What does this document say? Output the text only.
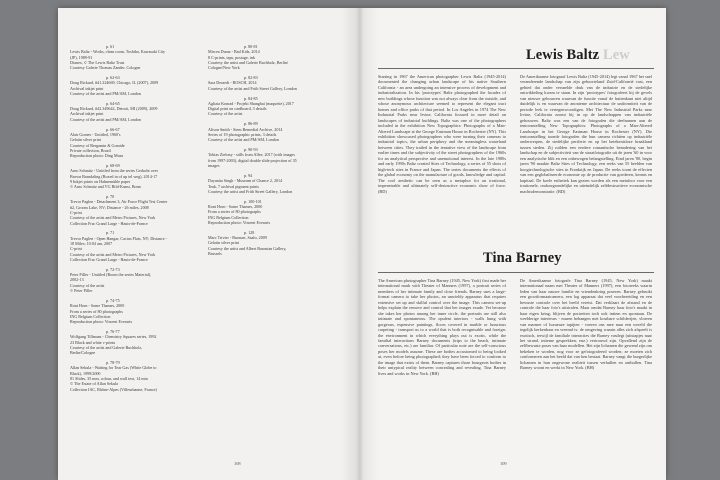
p. 61
Lewis Baltz - Works, clean room, Toshiba, Kawasaki City
(JP), 1989-91
Dianex, © The Lewis Baltz Trust
Courtesy Galerie Thomas Zander, Cologne
p. 62-63
Doug Rickard, #41.224669, Chicago, IL (2007), 2009
Archival inkjet print
Courtesy of the artist and PM/AM, London
p. 64-65
Doug Rickard, #42.349642, Detroit, MI (2009), 2009
Archival inkjet print
Courtesy of the artist and PM/AM, London
p. 66-67
Alair Gomes - Untitled, 1960's
Gelatin silver print
Courtesy of Bergamin & Gomide
Private collection, Brazil
Reproduction photo: Ding Musa
p. 68-69
Arno Schmitz - Untitled from the series Gedacht over
Brown Brandaling (Boxed in of up tel weg), 2014-17
9 Inkjet prints on Hahnemühle paper
© Arno Schmitz and VG Bild-Kunst, Bonn
p. 70
Trevor Paglen - Detachment 3, Air Force Flight Test Center
#2, Groom Lake, NV; Distance - 26 miles, 2008
C-print
Courtesy of the artist and Metro Pictures, New York
Collection Frac Grand Large - Hauts-de-France
p. 71
Trevor Paglen - Open Hangar, Cactus Flats, NV; Distance -
18 Miles; 10:04 am, 2007
C-print
Courtesy of the artist and Metro Pictures, New York
Collection Frac Grand Large - Hauts-de-France
p. 72-73
Peter Piller - Untitled (Room the series Material),
2002-13
Courtesy of the artist
© Peter Piller
p. 74-75
Roni Horn - Some Thames, 2000
From a series of 80 photographs
ING Belgium Collection
Reproduction photo: Vincent Everarts
p. 76-77
Wolfgang Tillmans - Chemistry Squares series, 1992
23 Black and white c-prints
Courtesy of the artist and Galerie Buchholz,
Berlin/Cologne
p. 78-79
Allan Sekula - Waiting for Tear Gas (White Globe to
Black), 1999/2000
81 Slides, 35 mm, colour, and wall text, 14 min
© The Estate of Allan Sekula
Collection IAC, Rhône-Alpes (Villeurbanne, France)
p. 80-81
Mircea Duraz - Bad Kids, 2014
8 C-prints, taps, postage, ink
Courtesy the artist and Galerie Buchholz, Berlin/
Cologne/New York
p. 82-83
Sara Deraedt - ROSCH, 2014
Courtesy of the artist and Frith Street Gallery, London
p. 84-85
Agliata Konrad - Projekt Shanghai (maquette), 2017
Digital print on cardboard, 3 details
Courtesy of the artist
p. 86-89
Alison Smith - Siem Remedial Archive, 2014
Series of 19 photographic prints, 3 details
Courtesy of the artist and PM/AM, London
p. 90-93
Tobias Zielony - stills from Allee, 2017 (with images
from 1997-2003), digital double slide projection of 35
images
p. 94
Dayanita Singh - Museum of Chance 2, 2014
Teak, 7 archival pigment prints
Courtesy the artist and Frith Street Gallery, London
p. 100-101
Roni Horn - Some Thames, 2000
From a series of 80 photographs
ING Belgium Collection
Reproduction photo: Vincent Everarts
p. 128
Marc Trivier - Buonarr, Saalo, 2009
Gelatin silver print
Courtesy the artist and Albert Baronian Gallery,
Brussels
108
Lewis Baltz Lew
Starting in 1967 the American photographer Lewis Baltz (1945-2014) documented the changing urban landscape of his native Southern California - an area undergoing an intensive process of development and industrialization. In his 'prototypes' Baltz photographed the facades of new buildings whose function was not always clear from the outside, and whose anonymous architecture seemed to represent the elegant tract homes and office parks of that period. In Los Angeles in 1974 The New Industrial Parks near Irvine, California focused in more detail on landscapes of industrial buildings. Baltz was one of the photographers included in the exhibition New Topographics: Photographs of a Man-Altered Landscape at the George Eastman House in Rochester (NY). This exhibition showcased photographers who were turning their cameras to industrial topics, the urban periphery and the meaningless wasteland between cities. They trailed in the tentative view of the landscape from earlier times and the subjectivity of the street photographers of the 1960s for an analytical perspective and unemotional interest. In the late 1980s and early 1990s Baltz created Sites of Technology, a series of 55 shots of high-tech sites in France and Japan. The series documents the effects of the global economy on the manufacture of goods, knowledge and capital. The cool aesthetic can be seen as a metaphor for an irrational, impenetrable and ultimately self-destructive economic show of force. (BD)
De Amerikaanse fotograaf Lewis Baltz (1945-2014) legt vanaf 1967 het snel veranderende landschap van zijn geboorteland Zuid-Californië vast, een gebied dat onder versnelde druk van de industrie en de stedelijke ontwikkeling kwam te staan. In zijn 'prototypes' fotografeert hij de gevels van nieuwe gebouwen waarvan de functie vanaf de buitenkant niet altijd duidelijk is en waarvan de anonieme architectuur de uniformiteit van de periode leek te vertegenwoordigen. Met The New Industrial Parks near Irvine, California zoomt hij in op de landschappen van industriële gebouwen. Baltz was een van de fotografen die deelnamen aan de tentoonstelling New Topographics: Photographs of a Man-Altered Landscape in het George Eastman House in Rochester (NY). Die tentoonstelling toonde fotografen die hun camera richtten op industriële onderwerpen, de stedelijke periferie en op het betekenisloze braakland tussen steden. Zij ruilden een eerdere romantische benadering van het landschap en de subjectiviteit van de straatfotografie uit de jaren '60 in voor een analytische blik en een onbewogen belangstelling. Eind jaren '80, begin jaren '90 maakte Baltz Sites of Technology, een reeks van 55 beelden van hoogtechnologische sites in Frankrijk en Japan. De reeks toont de effecten van een geglobaliseerde economie op de productie van goederen, kennis en kapitaal. De koele esthetiek kan gezien worden als een metafoor voor een irrationele, ondoorgrondelijke en uiteindelijk zelfdestructieve economische machtsdemonstratie. (BD)
Tina Barney
The American photographer Tina Barney (1945, New York) first made her international mark with Theater of Manners (1997), a portrait series of members of her intimate family and close friends. Barney uses a large-format camera to take her photos, an unwieldy apparatus that requires extensive set up and skilful control over the image. This camera set-up helps explain the remove and control that her images exude. Yet because she takes her photos among her inner circle, the portraits are still also intimate and spontaneous. The opulent interiors - walls hung with gorgeous, expensive paintings, floors covered in marble or luxurious carpeting - transport us to a world that is both recognisable and foreign: the environment in which everything plays out is exotic, while the familial interactions Barney documents (trips to the beach, intimate conversations, etc.) are familiar. Of particular note are the self-conscious poses her models assume. These are bodies accustomed to being looked at, even before being photographed; they have been forced to conform to the image that exists of them. Barney captures those bourgeois bodies in their untypical reality between concealing and revealing. Tina Barney lives and works in New York. (BH)
De Amerikaanse fotografe Tina Barney (1945, New York) maakt internationaal naam met Theater of Manners (1997), een fotoreeks waarin leden van haar nauwe familie en vriendenkring poseren. Barney gebruikt een grootformaatcamera, een log apparaat dat veel voorbereiding en een bewuste controle over het beeld vereist. Dat verklaart de afstand en de controle die haar foto's uitstralen. Maar omdat Barney haar foto's maakt in haar eigen kring, blijven de portretten toch ook intiem en spontaan. De weelderige interieurs - muren behangen met kostbare schilderijen, vloeren van marmer of luxueuze tapijten - voeren ons mee naar een wereld die tegelijk herkenbaar en vreemd is: de omgeving waarin alles zich afspeelt is exotisch, terwijl de familiale interacties die Barney vastlegt (uitstapjes naar het strand, intieme gesprekken, enz.) vertrouwd zijn. Opvallend zijn de zelfbewuste poses van haar modellen. Het zijn lichamen die gewend zijn om bekeken te worden, nog voor ze gefotografeerd worden; ze moeten zich conformeren aan het beeld dat van hen bestaat. Barney vangt die burgerlijke lichamen in hun ongewone realiteit tussen verhullen en onthullen. Tina Barney woont en werkt in New York. (BH)
109
